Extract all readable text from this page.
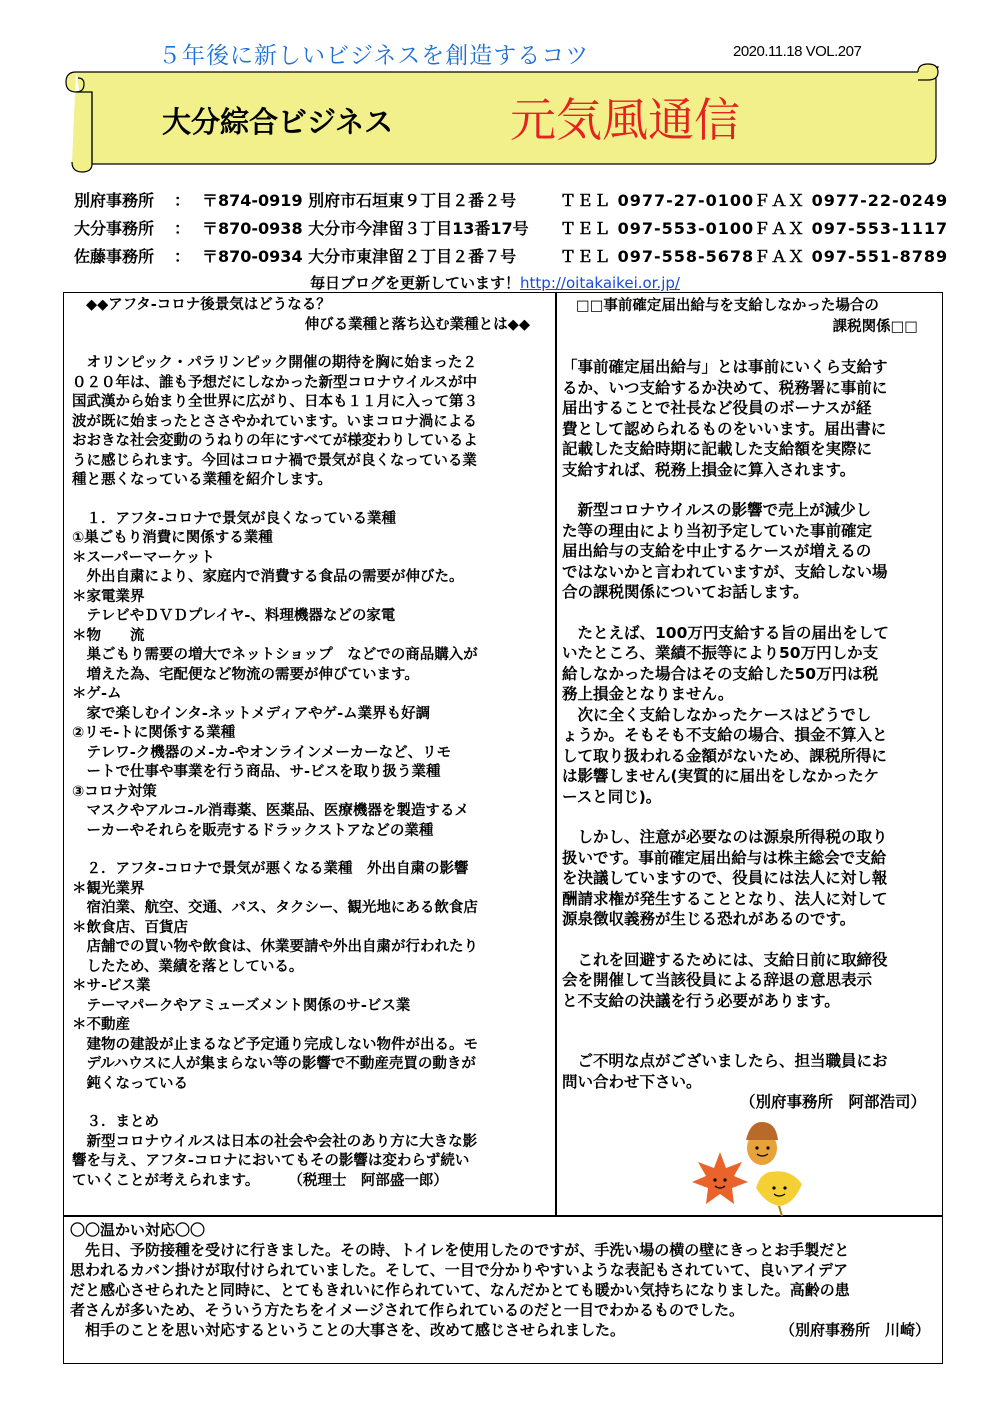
５年後に新しいビジネスを創造するコツ	2020.11.18 VOL.207
大分綜合ビジネス	元気風通信
別府事務所 ： 〒874-0919 別府市石垣東９丁目２番２号	ＴＥＬ 0977-27-0100 ＦＡＸ 0977-22-0249
大分事務所 ： 〒870-0938 大分市今津留３丁目13番17号 ＴＥＬ 097-553-0100 ＦＡＸ 097-553-1117
佐藤事務所 ： 〒870-0934 大分市東津留２丁目２番７号	ＴＥＬ 097-558-5678 ＦＡＸ 097-551-8789
毎日ブログを更新しています！http://oitakaikei.or.jp/
◆◆アフタ‐コロナ後景気はどうなる？
伸びる業種と落ち込む業種とは◆◆
　オリンピック・パラリンピック開催の期待を胸に始まった２
０２０年は、誰も予想だにしなかった新型コロナウイルスが中
国武漢から始まり全世界に広がり、日本も１１月に入って第３
波が既に始まったとささやかれています。いまコロナ渦による
おおきな社会変動のうねりの年にすべてが様変わりしているよ
うに感じられます。今回はコロナ禍で景気が良くなっている業
種と悪くなっている業種を紹介します。
　１．アフタ‐コロナで景気が良くなっている業種
①巣ごもり消費に関係する業種
＊スーパーマーケット
　外出自粛により、家庭内で消費する食品の需要が伸びた。
＊家電業界
　テレビやＤＶＤプレイヤ‐、料理機器などの家電
＊物　　流
　巣ごもり需要の増大でネットショップ　などでの商品購入が
　増えた為、宅配便など物流の需要が伸びています。
＊ゲ‐ム
　家で楽しむインタ‐ネットメディアやゲ‐ム業界も好調
②リモ‐トに関係する業種
　テレワ‐ク機器のメ‐カ‐やオンラインメーカーなど、リモ
　ートで仕事や事業を行う商品、サ‐ビスを取り扱う業種
③コロナ対策
　マスクやアルコ‐ル消毒薬、医薬品、医療機器を製造するメ
　ーカーやそれらを販売するドラックストアなどの業種
　２．アフタ‐コロナで景気が悪くなる業種　外出自粛の影響
＊観光業界
　宿泊業、航空、交通、バス、タクシー、観光地にある飲食店
＊飲食店、百貨店
　店舗での買い物や飲食は、休業要請や外出自粛が行われたり
　したため、業績を落としている。
＊サ‐ビス業
　テーマパークやアミューズメント関係のサ‐ビス業
＊不動産
　建物の建設が止まるなど予定通り完成しない物件が出る。モ
　デルハウスに人が集まらない等の影響で不動産売買の動きが
　鈍くなっている
　３．まとめ
　新型コロナウイルスは日本の社会や会社のあり方に大きな影
響を与え、アフタ‐コロナにおいてもその影響は変わらず続い
ていくことが考えられます。　　　（税理士　阿部盛一郎）
□□事前確定届出給与を支給しなかった場合の
課税関係□□
「事前確定届出給与」とは事前にいくら支給す
るか、いつ支給するか決めて、税務署に事前に
届出することで社長など役員のボーナスが経
費として認められるものをいいます。届出書に
記載した支給時期に記載した支給額を実際に
支給すれば、税務上損金に算入されます。
　新型コロナウイルスの影響で売上が減少し
た等の理由により当初予定していた事前確定
届出給与の支給を中止するケースが増えるの
ではないかと言われていますが、支給しない場
合の課税関係についてお話します。
　たとえば、100万円支給する旨の届出をして
いたところ、業績不振等により50万円しか支
給しなかった場合はその支給した50万円は税
務上損金となりません。
　次に全く支給しなかったケースはどうでし
ょうか。そもそも不支給の場合、損金不算入と
して取り扱われる金額がないため、課税所得に
は影響しません(実質的に届出をしなかったケ
ースと同じ)。
　しかし、注意が必要なのは源泉所得税の取り
扱いです。事前確定届出給与は株主総会で支給
を決議していますので、役員には法人に対し報
酬請求権が発生することとなり、法人に対して
源泉徴収義務が生じる恐れがあるのです。
　これを回避するためには、支給日前に取締役
会を開催して当該役員による辞退の意思表示
と不支給の決議を行う必要があります。
　ご不明な点がございましたら、担当職員にお
問い合わせ下さい。
（別府事務所　阿部浩司）
〇〇温かい対応〇〇
　先日、予防接種を受けに行きました。その時、トイレを使用したのですが、手洗い場の横の壁にきっとお手製だと
思われるカバン掛けが取付けられていました。そして、一目で分かりやすいような表記もされていて、良いアイデア
だと感心させられたと同時に、とてもきれいに作られていて、なんだかとても暖かい気持ちになりました。高齢の患
者さんが多いため、そういう方たちをイメージされて作られているのだと一目でわかるものでした。
　相手のことを思い対応するということの大事さを、改めて感じさせられました。	（別府事務所　川崎）
